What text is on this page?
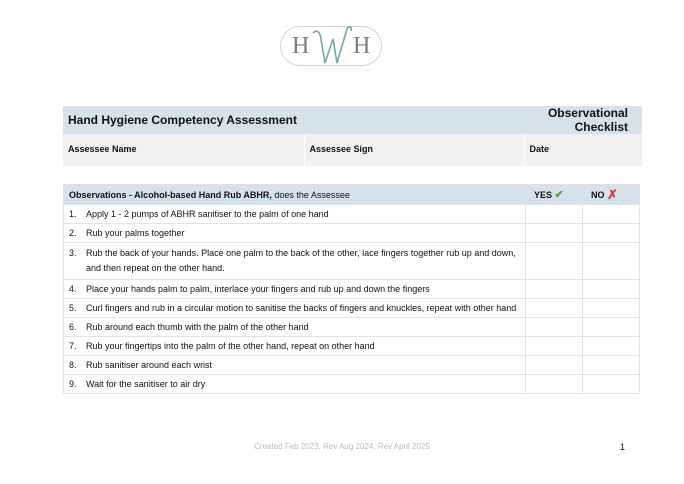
H H
Hand Hygiene Competency Assessment		Observational Checklist
Assessee Name	Assessee Sign	Date
Observations - Alcohol-based Hand Rub ABHR, does the Assessee	YES ✔	NO ✗
1. Apply 1 - 2 pumps of ABHR sanitiser to the palm of one hand		
2. Rub your palms together		

3. Rub the back of your hands. Place one palm to the back of the other, lace fingers together rub up and down, and then repeat on the other hand.		

4. Place your hands palm to palm, interlace your fingers and rub up and down the fingers		
5. Curl fingers and rub in a circular motion to sanitise the backs of fingers and knuckles, repeat with other hand		
6. Rub around each thumb with the palm of the other hand		
7. Rub your fingertips into the palm of the other hand, repeat on other hand		
8. Rub sanitiser around each wrist		
9. Wait for the sanitiser to air dry		
Created Feb 2023, Rev Aug 2024, Rev April 2025	1
